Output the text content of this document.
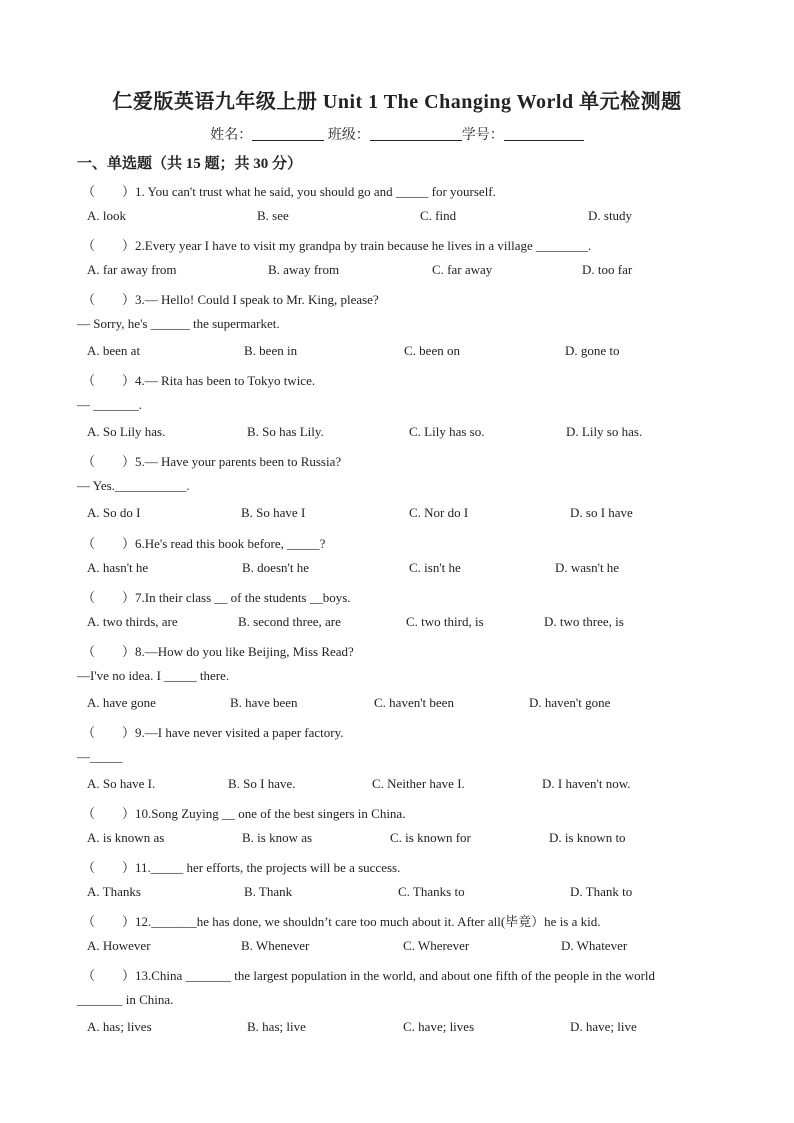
仁爱版英语九年级上册 Unit 1 The Changing World 单元检测题
姓名：	班级：	学号：
一、单选题（共 15 题；共 30 分）
（ ）1. You can't trust what he said, you should go and _____ for yourself.
A. look	B. see	C. find	D. study
（ ）2.Every year I have to visit my grandpa by train because he lives in a village ________.
A. far away from	B. away from	C. far away	D. too far
（ ）3.— Hello! Could I speak to Mr. King, please?
— Sorry, he's ______ the supermarket.
A. been at	B. been in	C. been on	D. gone to
（ ）4.— Rita has been to Tokyo twice.
— _______.
A. So Lily has.	B. So has Lily.	C. Lily has so.	D. Lily so has.
（ ）5.— Have your parents been to Russia?
— Yes.___________.
A. So do I	B. So have I	C. Nor do I	D. so I have
（ ）6.He's read this book before, _____?
A. hasn't he	B. doesn't he	C. isn't he	D. wasn't he
（ ）7.In their class __ of the students __boys.
A. two thirds, are	B. second three, are	C. two third, is	D. two three, is
（ ）8.—How do you like Beijing, Miss Read?
—I've no idea. I _____ there.
A. have gone	B. have been	C. haven't been	D. haven't gone
（ ）9.—I have never visited a paper factory.
—_____
A. So have I.	B. So I have.	C. Neither have I.	D. I haven't now.
（ ）10.Song Zuying __ one of the best singers in China.
A. is known as	B. is know as	C. is known for	D. is known to
（ ）11._____ her efforts, the projects will be a success.
A. Thanks	B. Thank	C. Thanks to	D. Thank to
（ ）12._______he has done, we shouldn’t care too much about it. After all(毕竟）he is a kid.
A. However	B. Whenever	C. Wherever	D. Whatever
（ ）13.China _______ the largest population in the world, and about one fifth of the people in the world
_______ in China.
A. has; lives	B. has; live	C. have; lives	D. have; live
